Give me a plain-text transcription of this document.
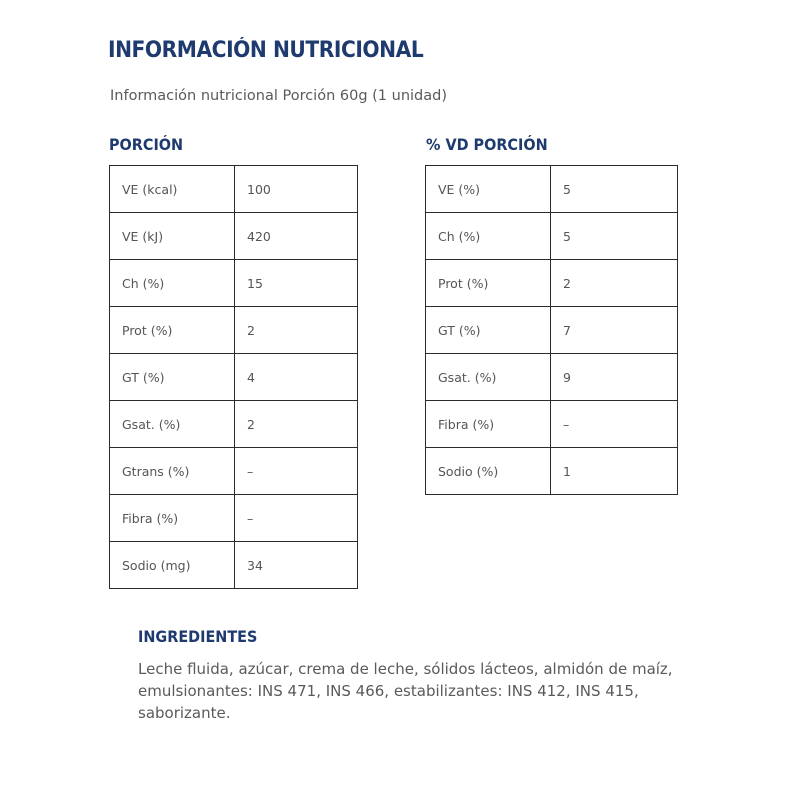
INFORMACIÓN NUTRICIONAL
Información nutricional Porción 60g (1 unidad)
PORCIÓN
VE (kcal)	100
VE (kJ)	420
Ch (%)	15
Prot (%)	2
GT (%)	4
Gsat. (%)	2
Gtrans (%)	–
Fibra (%)	–
Sodio (mg)	34
% VD PORCIÓN
VE (%)	5
Ch (%)	5
Prot (%)	2
GT (%)	7
Gsat. (%)	9
Fibra (%)	–
Sodio (%)	1
INGREDIENTES
Leche fluida, azúcar, crema de leche, sólidos lácteos, almidón de maíz, emulsionantes: INS 471, INS 466, estabilizantes: INS 412, INS 415, saborizante.
